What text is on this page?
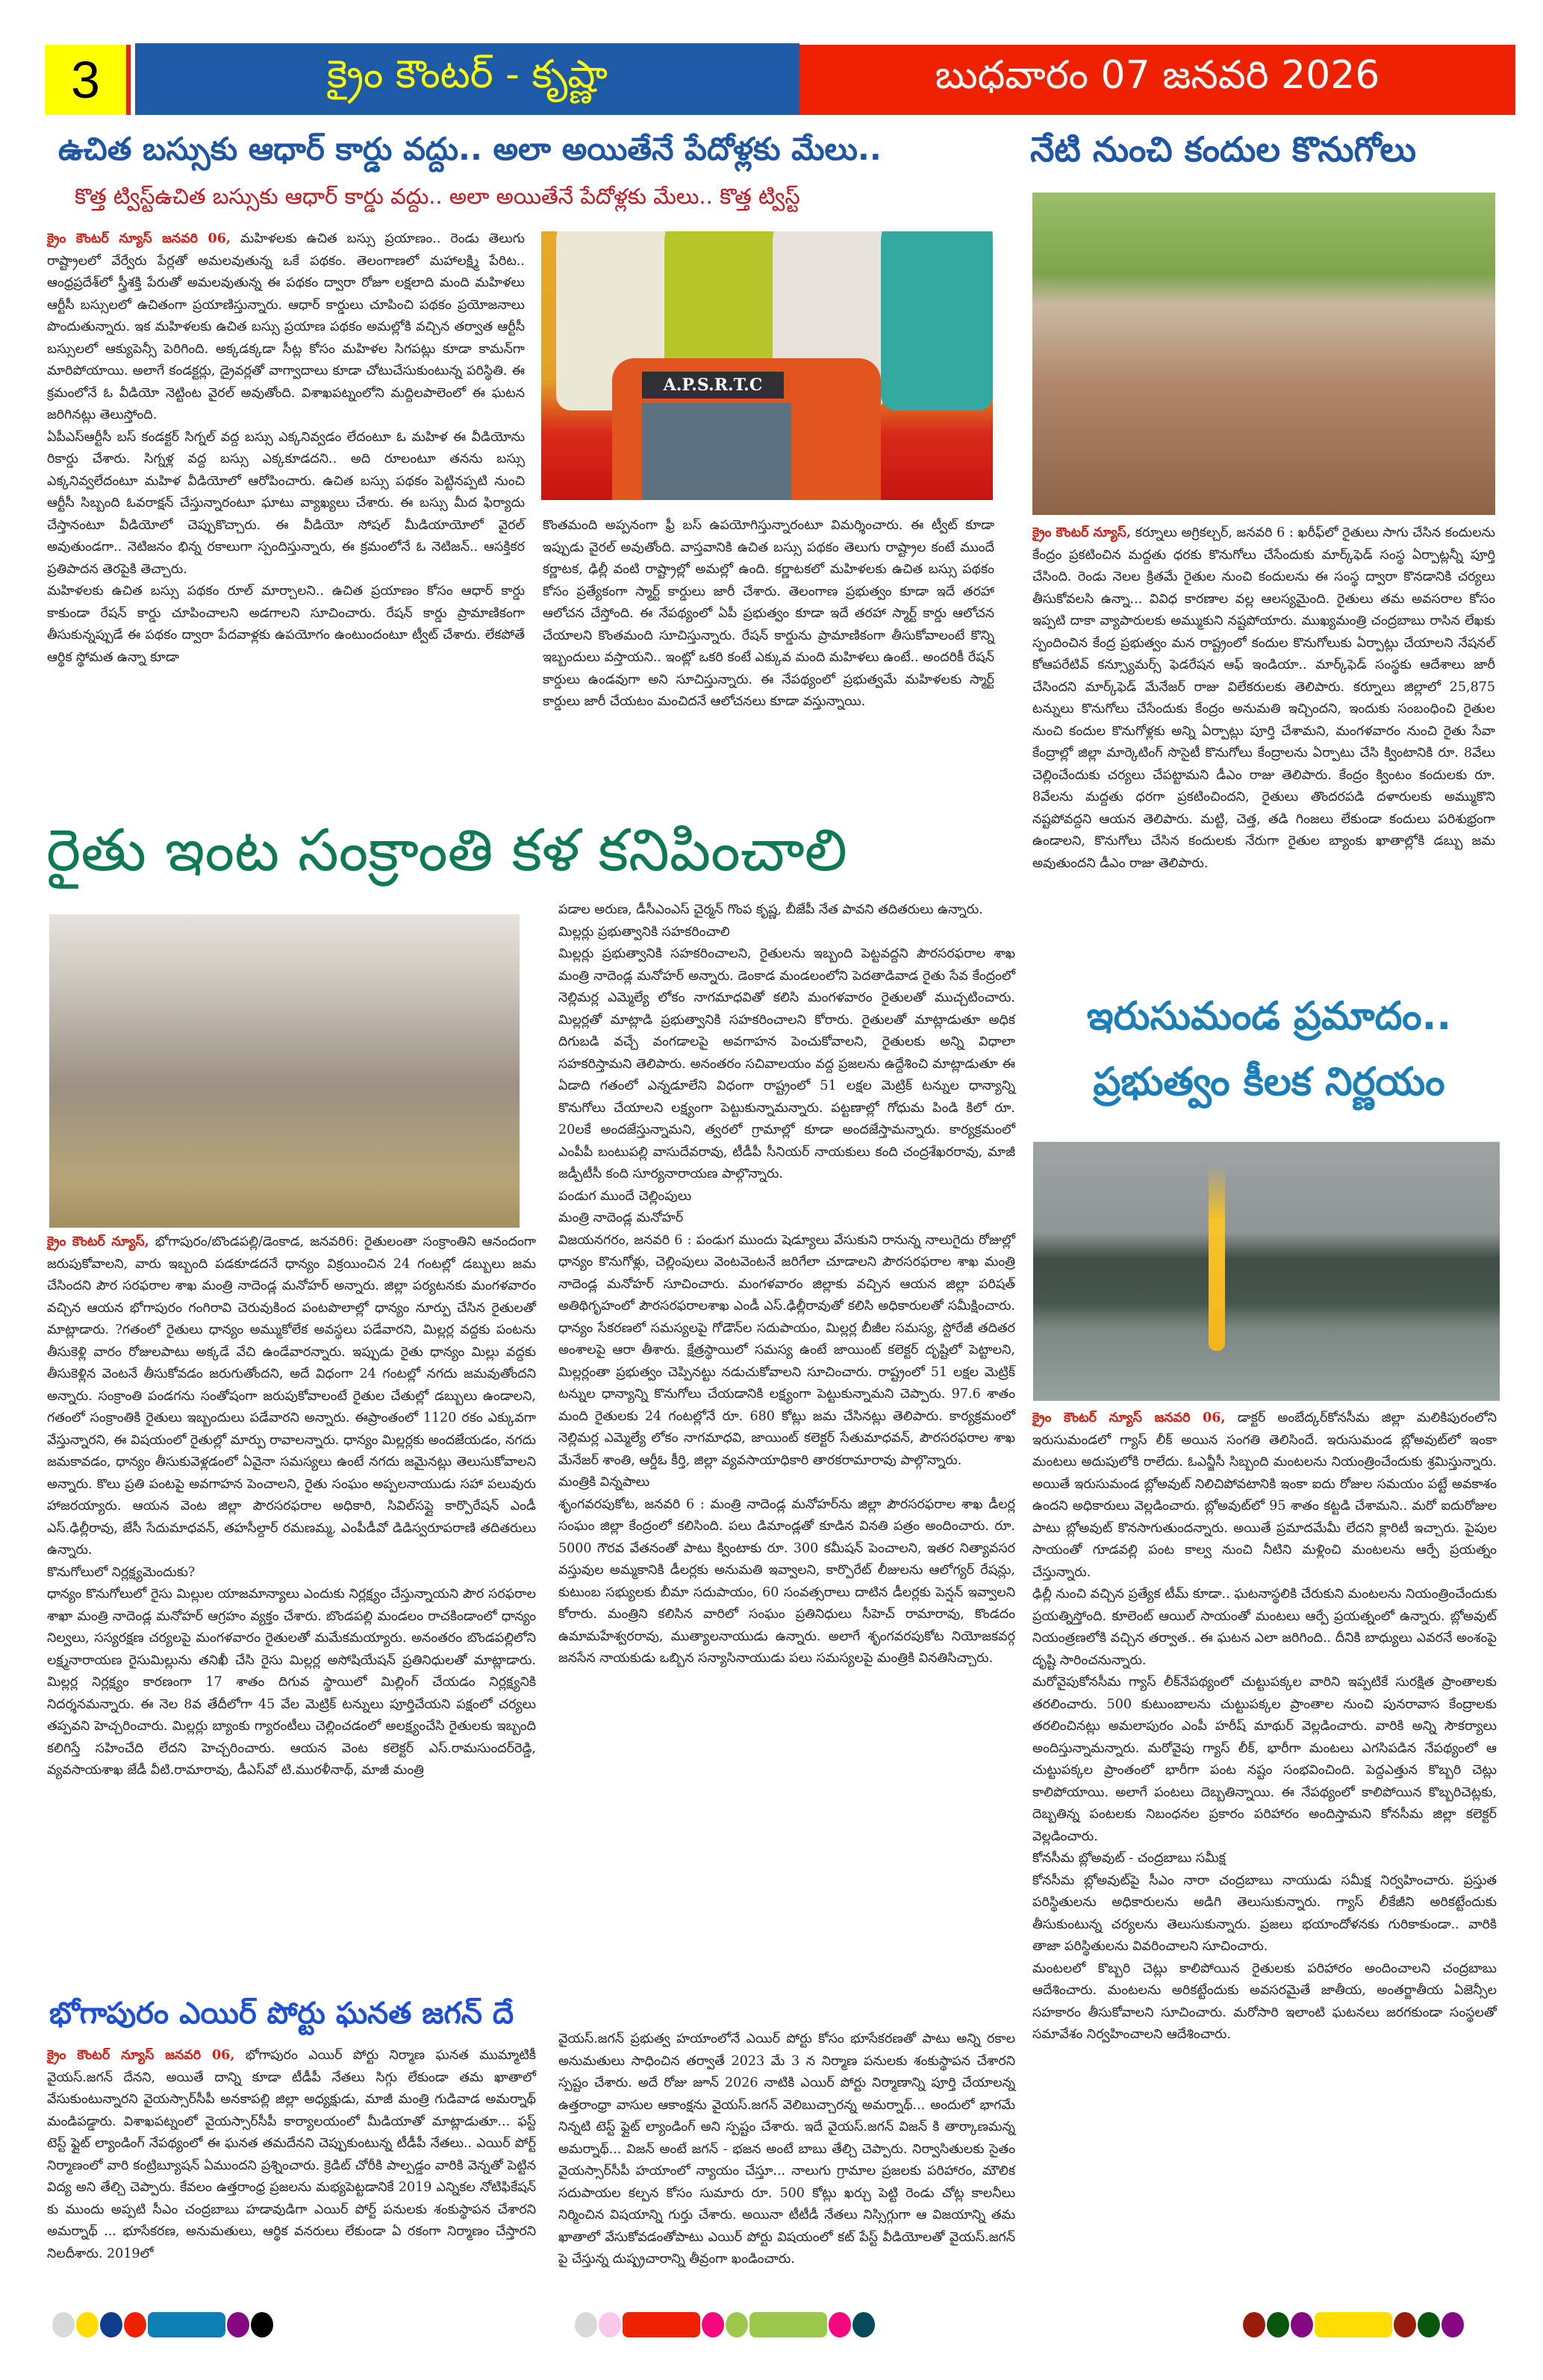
3	క్రైం కౌంటర్ - కృష్ణా	బుధవారం 07 జనవరి 2026
ఉచిత బస్సుకు ఆధార్ కార్డు వద్దు.. అలా అయితేనే పేదోళ్లకు మేలు..
కొత్త ట్విస్ట్ఉచిత బస్సుకు ఆధార్ కార్డు వద్దు.. అలా అయితేనే పేదోళ్లకు మేలు.. కొత్త ట్విస్ట్

క్రైం కౌంటర్ న్యూస్ జనవరి 06, మహిళలకు ఉచిత బస్సు ప్రయాణం.. రెండు తెలుగు రాష్ట్రాలలో వేర్వేరు పేర్లతో అమలవుతున్న ఒకే పథకం. తెలంగాణలో మహాలక్ష్మి పేరిట.. ఆంధ్రప్రదేశ్‌లో స్త్రీశక్తి పేరుతో అమలవుతున్న ఈ పథకం ద్వారా రోజూ లక్షలాది మంది మహిళలు ఆర్టీసీ బస్సులలో ఉచితంగా ప్రయాణిస్తున్నారు. ఆధార్ కార్డులు చూపించి పథకం ప్రయోజనాలు పొందుతున్నారు. ఇక మహిళలకు ఉచిత బస్సు ప్రయాణ పథకం అమల్లోకి వచ్చిన తర్వాత ఆర్టీసీ బస్సులలో ఆక్యుపెన్సీ పెరిగింది. అక్కడక్కడా సీట్ల కోసం మహిళల సిగపట్లు కూడా కామన్‌గా మారిపోయాయి. అలాగే కండక్టర్లు, డ్రైవర్లతో వాగ్వాదాలు కూడా చోటుచేసుకుంటున్న పరిస్థితి. ఈ క్రమంలోనే ఓ వీడియో నెట్టింట వైరల్ అవుతోంది. విశాఖపట్నంలోని మద్దిలపాలెంలో ఈ ఘటన జరిగినట్లు తెలుస్తోంది.

ఏపీఎస్ఆర్టీసీ బస్ కండక్టర్ సిగ్నల్ వద్ద బస్సు ఎక్కనివ్వడం లేదంటూ ఓ మహిళ ఈ వీడియోను రికార్డు చేశారు. సిగ్నళ్ల వద్ద బస్సు ఎక్కకూడదని.. అది రూలంటూ తనను బస్సు ఎక్కనివ్వలేదంటూ మహిళ వీడియోలో ఆరోపించారు. ఉచిత బస్సు పథకం పెట్టినప్పటి నుంచి ఆర్టీసీ సిబ్బంది ఓవరాక్షన్ చేస్తున్నారంటూ ఘాటు వ్యాఖ్యలు చేశారు. ఈ బస్సు మీద ఫిర్యాదు చేస్తానంటూ వీడియోలో చెప్పుకొచ్చారు. ఈ వీడియో సోషల్ మీడియాయోలో వైరల్ అవుతుండగా.. నెటిజనం భిన్న రకాలుగా స్పందిస్తున్నారు, ఈ క్రమంలోనే ఓ నెటిజన్.. ఆసక్తికర ప్రతిపాదన తెరపైకి తెచ్చారు.

మహిళలకు ఉచిత బస్సు పథకం రూల్ మార్చాలని.. ఉచిత ప్రయాణం కోసం ఆధార్ కార్డు కాకుండా రేషన్ కార్డు చూపించాలని అడగాలని సూచించారు. రేషన్ కార్డు ప్రామాణికంగా తీసుకున్నప్పుడే ఈ పథకం ద్వారా పేదవాళ్లకు ఉపయోగం ఉంటుందంటూ ట్వీట్ చేశారు. లేకపోతే ఆర్థిక స్థోమత ఉన్నా కూడా

A.P.S.R.T.C

కొంతమంది అప్పనంగా ఫ్రీ బస్ ఉపయోగిస్తున్నారంటూ విమర్శించారు. ఈ ట్వీట్ కూడా ఇప్పుడు వైరల్ అవుతోంది. వాస్తవానికి ఉచిత బస్సు పథకం తెలుగు రాష్ట్రాల కంటే ముందే కర్ణాటక, ఢిల్లీ వంటి రాష్ట్రాల్లో అమల్లో ఉంది. కర్ణాటకలో మహిళలకు ఉచిత బస్సు పథకం కోసం ప్రత్యేకంగా స్మార్ట్ కార్డులు జారీ చేశారు. తెలంగాణ ప్రభుత్వం కూడా ఇదే తరహా ఆలోచన చేస్తోంది. ఈ నేపథ్యంలో ఏపీ ప్రభుత్వం కూడా ఇదే తరహా స్మార్ట్ కార్డు ఆలోచన చేయాలని కొంతమంది సూచిస్తున్నారు. రేషన్ కార్డును ప్రామాణికంగా తీసుకోవాలంటే కొన్ని ఇబ్బందులు వస్తాయని.. ఇంట్లో ఒకరి కంటే ఎక్కువ మంది మహిళలు ఉంటే.. అందరికీ రేషన్ కార్డులు ఉండవుగా అని సూచిస్తున్నారు. ఈ నేపథ్యంలో ప్రభుత్వమే మహిళలకు స్మార్ట్ కార్డులు జారీ చేయటం మంచిదనే ఆలోచనలు కూడా వస్తున్నాయి.

నేటి నుంచి కందుల కొనుగోలు

క్రైం కౌంటర్ న్యూస్, కర్నూలు అగ్రికల్చర్, జనవరి 6 : ఖరీఫ్‌లో రైతులు సాగు చేసిన కందులను కేంద్రం ప్రకటించిన మద్దతు ధరకు కొనుగోలు చేసేందుకు మార్క్‌ఫెడ్ సంస్థ ఏర్పాట్లన్నీ పూర్తి చేసింది. రెండు నెలల క్రితమే రైతుల నుంచి కందులను ఈ సంస్థ ద్వారా కొనడానికి చర్యలు తీసుకోవలసి ఉన్నా... వివిధ కారణాల వల్ల ఆలస్యమైంది. రైతులు తమ అవసరాల కోసం ఇప్పటి దాకా వ్యాపారులకు అమ్ముకుని నష్టపోయారు. ముఖ్యమంత్రి చంద్రబాబు రాసిన లేఖకు స్పందించిన కేంద్ర ప్రభుత్వం మన రాష్ట్రంలో కందుల కొనుగోలుకు ఏర్పాట్లు చేయాలని నేషనల్ కోఆపరేటివ్ కన్స్యూమర్స్ ఫెడరేషన ఆఫ్ ఇండియా.. మార్క్‌ఫెడ్ సంస్థకు ఆదేశాలు జారీ చేసిందని మార్క్‌ఫెడ్ మేనేజర్ రాజు విలేకరులకు తెలిపారు. కర్నూలు జిల్లాలో 25,875 టన్నులు కొనుగోలు చేసేందుకు కేంద్రం అనుమతి ఇచ్చిందని, ఇందుకు సంబంధించి రైతుల నుంచి కందుల కొనుగోళ్లకు అన్ని ఏర్పాట్లు పూర్తి చేశామని, మంగళవారం నుంచి రైతు సేవా కేంద్రాల్లో జిల్లా మార్కెటింగ్ సొసైటీ కొనుగోలు కేంద్రాలను ఏర్పాటు చేసి క్వింటానికి రూ. 8వేలు చెల్లించేందుకు చర్యలు చేపట్టామని డీఎం రాజు తెలిపారు. కేంద్రం క్వింటం కందులకు రూ. 8వేలను మద్దతు ధరగా ప్రకటించిందని, రైతులు తొందరపడి దళారులకు అమ్ముకొని నష్టపోవద్దని ఆయన తెలిపారు. మట్టి, చెత్త, తడి గింజలు లేకుండా కందులు పరిశుభ్రంగా ఉండాలని, కొనుగోలు చేసిన కందులకు నేరుగా రైతుల బ్యాంకు ఖాతాల్లోకి డబ్బు జమ అవుతుందని డీఎం రాజు తెలిపారు.

రైతు ఇంట సంక్రాంతి కళ కనిపించాలి

క్రైం కౌంటర్ న్యూస్, భోగాపురం/బొండపల్లి/డెంకాడ, జనవరి6: రైతులంతా సంక్రాంతిని ఆనందంగా జరుపుకోవాలని, వారు ఇబ్బంది పడకూడదనే ధాన్యం విక్రయించిన 24 గంటల్లో డబ్బులు జమ చేసిందని పౌర సరఫరాల శాఖ మంత్రి నాదెండ్ల మనోహర్ అన్నారు. జిల్లా పర్యటనకు మంగళవారం వచ్చిన ఆయన భోగాపురం గంగిరావి చెరువుకింద పంటపొలాల్లో ధాన్యం నూర్పు చేసిన రైతులతో మాట్లాడారు. ?గతంలో రైతులు ధాన్యం అమ్ముకోలేక అవస్థలు పడేవారని, మిల్లర్ల వద్దకు పంటను తీసుకెళ్లి వారం రోజులపాటు అక్కడే వేచి ఉండేవారన్నారు. ఇప్పుడు రైతు ధాన్యం మిల్లు వద్దకు తీసుకెళ్లిన వెంటనే తీసుకోవడం జరుగుతోందని, అదే విధంగా 24 గంటల్లో నగదు జమవుతోందని అన్నారు. సంక్రాంతి పండగను సంతోషంగా జరుపుకోవాలంటే రైతుల చేతుల్లో డబ్బులు ఉండాలని, గతంలో సంక్రాంతికి రైతులు ఇబ్బందులు పడేవారని అన్నారు. ఈప్రాంతంలో 1120 రకం ఎక్కువగా వేస్తున్నారని, ఈ విషయంలో రైతుల్లో మార్పు రావాలన్నారు. ధాన్యం మిల్లర్లకు అందజేయడం, నగదు జమకావడం, ధాన్యం తీసుకువెళ్లడంలో ఏవైనా సమస్యలు ఉంటే నగదు జమైనట్లు తెలుసుకోవాలని అన్నారు. కొలు ప్రతి పంటపై అవగాహన పెంచాలని, రైతు సంఘం అప్పలనాయుడు సహా పలువురు హాజరయ్యారు. ఆయన వెంట జిల్లా పౌరసరఫరాల అధికారి, సివిల్‌సప్లై కార్పొరేషన్ ఎండీ ఎస్.ఢిల్లీరావు, జేసీ సేదుమాధవన్, తహసీల్దార్ రమణమ్మ, ఎంపీడీవో డిడిస్వరూపరాణి తదితరులు ఉన్నారు.

కొనుగోలులో నిర్లక్ష్యమెందుకు?

ధాన్యం కొనుగోలులో రైసు మిల్లుల యాజమాన్యాలు ఎందుకు నిర్లక్ష్యం చేస్తున్నాయని పౌర సరఫరాల శాఖా మంత్రి నాదెండ్ల మనోహర్ ఆగ్రహం వ్యక్తం చేశారు. బొండపల్లి మండలం రాచకిండాంలో ధాన్యం నిల్వలు, సస్యరక్షణ చర్యలపై మంగళవారం రైతులతో మమేకమయ్యారు. అనంతరం బొండపల్లిలోని లక్ష్మనారాయణ రైసుమిల్లును తనిఖీ చేసి రైసు మిల్లర్ల అసోషియేషన్ ప్రతినిధులతో మాట్లాడారు. మిల్లర్ల నిర్లక్ష్యం కారణంగా 17 శాతం దిగువ స్థాయిలో మిల్లింగ్ చేయడం నిర్లక్ష్యనికి నిదర్శనమన్నారు. ఈ నెల 8వ తేదీలోగా 45 వేల మెట్రిక్ టన్నులు పూర్తిచేయని పక్షంలో చర్యలు తప్పవని హెచ్చరించారు. మిల్లర్లు బ్యాంకు గ్యారంటీలు చెల్లించడంలో అలక్ష్యంచేసి రైతులకు ఇబ్బంది కలిగిస్తే సహించేది లేదని హెచ్చరించారు. ఆయన వెంట కలెక్టర్ ఎస్.రామసుందర్‌రెడ్డి, వ్యవసాయశాఖ జేడీ వీటి.రామారావు, డీఎస్‌వో టి.మురళీనాథ్, మాజీ మంత్రి

పడాల అరుణ, డీసీఎంఎస్ చైర్మన్ గొంప కృష్ణ, బీజేపీ నేత పావని తదితరులు ఉన్నారు.

మిల్లర్లు ప్రభుత్వానికి సహకరించాలి

మిల్లర్లు ప్రభుత్వానికి సహకరించాలని, రైతులను ఇబ్బంది పెట్టవద్దని పౌరసరఫరాల శాఖ మంత్రి నాదెండ్ల మనోహర్ అన్నారు. డెంకాడ మండలంలోని పెదతాడివాడ రైతు సేవ కేంద్రంలో నెల్లిమర్ల ఎమ్మెల్యే లోకం నాగమాధవితో కలిసి మంగళవారం రైతులతో ముచ్చటించారు. మిల్లర్లతో మాట్లాడి ప్రభుత్వానికి సహకరించాలని కోరారు. రైతులతో మాట్లాడుతూ అధిక దిగుబడి వచ్చే వంగడాలపై అవగాహన పెంచుకోవాలని, రైతులకు అన్ని విధాలా సహకరిస్తామని తెలిపారు. అనంతరం సచివాలయం వద్ద ప్రజలను ఉద్దేశించి మాట్లాడుతూ ఈ ఏడాది గతంలో ఎన్నడూలేని విధంగా రాష్ట్రంలో 51 లక్షల మెట్రిక్ టన్నుల ధాన్యాన్ని కొనుగోలు చేయాలని లక్ష్యంగా పెట్టుకున్నామన్నారు. పట్టణాల్లో గోధుమ పిండి కిలో రూ. 20లకే అందజేస్తున్నామని, త్వరలో గ్రామాల్లో కూడా అందజేస్తామన్నారు. కార్యక్రమంలో ఎంపీపీ బంటుపల్లి వాసుదేవరావు, టీడీపీ సీనియర్ నాయకులు కంది చంద్రశేఖరరావు, మాజీ జడ్పీటీసీ కంది సూర్యనారాయణ పాల్గొన్నారు.

పండుగ ముందే చెల్లింపులు

మంత్రి నాదెండ్ల మనోహర్

విజయనగరం, జనవరి 6 : పండుగ ముందు షెడ్యూలు వేసుకుని రానున్న నాలుగైదు రోజుల్లో ధాన్యం కొనుగోళ్లు, చెల్లింపులు వెంటవెంటనే జరిగేలా చూడాలని పౌరసరఫరాల శాఖ మంత్రి నాదెండ్ల మనోహర్ సూచించారు. మంగళవారం జిల్లాకు వచ్చిన ఆయన జిల్లా పరిషత్ అతిథిగృహంలో పౌరసరఫరాలశాఖ ఎండీ ఎస్.ఢిల్లీరావుతో కలిసి అధికారులతో సమీక్షించారు. ధాన్యం సేకరణలో సమస్యలపై గోడౌన్‌ల సదుపాయం, మిల్లర్ల బీజీల సమస్య, స్టోరేజీ తదితర అంశాలపై ఆరా తీశారు. క్షేత్రస్థాయిలో సమస్య ఉంటే జాయింట్ కలెక్టర్ దృష్టిలో పెట్టాలని, మిల్లర్లంతా ప్రభుత్వం చెప్పినట్టు నడుచుకోవాలని సూచించారు. రాష్ట్రంలో 51 లక్షల మెట్రిక్ టన్నుల ధాన్యాన్ని కొనుగోలు చేయడానికి లక్ష్యంగా పెట్టుకున్నామని చెప్పారు. 97.6 శాతం మంది రైతులకు 24 గంటల్లోనే రూ. 680 కోట్లు జమ చేసినట్లు తెలిపారు. కార్యక్రమంలో నెల్లిమర్ల ఎమ్మెల్యే లోకం నాగమాధవి, జాయింట్ కలెక్టర్ సేతుమాధవన్, పౌరసరఫరాల శాఖ మేనేజర్ శాంతి, ఆర్డీఓ కీర్తి, జిల్లా వ్యవసాయాధికారి తారకరామారావు పాల్గొన్నారు.

మంత్రికి విన్నపాలు

శృంగవరపుకోట, జనవరి 6 : మంత్రి నాదెండ్ల మనోహర్‌ను జిల్లా పౌరసరఫరాల శాఖ డీలర్ల సంఘం జిల్లా కేంద్రంలో కలిసింది. పలు డిమాండ్లతో కూడిన వినతి పత్రం అందించారు. రూ. 5000 గౌరవ వేతనంతో పాటు క్వింటాకు రూ. 300 కమీషన్ పెంచాలని, ఇతర నిత్యావసర వస్తువుల అమ్మకానికి డీలర్లకు అనుమతి ఇవ్వాలని, కార్పొరేట్ లీజులను ఆలోగ్యర్ రేషన్లు, కుటుంబ సభ్యులకు బీమా సదుపాయం, 60 సంవత్సరాలు దాటిన డీలర్లకు పెన్షన్ ఇవ్వాలని కోరారు. మంత్రిని కలిసిన వారిలో సంఘం ప్రతినిధులు సీహెచ్ రామారావు, కొండదం ఉమామహేశ్వరరావు, ముత్యాలనాయుడు ఉన్నారు. అలాగే శృంగవరపుకోట నియోజకవర్గ జనసేన నాయకుడు ఒబ్బిన సన్యాసినాయుడు పలు సమస్యలపై మంత్రికి వినతిసిచ్చారు.

ఇరుసుమండ ప్రమాదం..
ప్రభుత్వం కీలక నిర్ణయం

క్రైం కౌంటర్ న్యూస్ జనవరి 06, డాక్టర్ అంబేద్కర్‌కోనసీమ జిల్లా మలికిపురంలోని ఇరుసుమండలో గ్యాస్ లీక్ అయిన సంగతి తెలిసిందే. ఇరుసుమండ బ్లోఅవుట్‌లో ఇంకా మంటలు అదుపులోకి రాలేదు. ఓఎన్జీసీ సిబ్బంది మంటలను నియంత్రించేందుకు శ్రమిస్తున్నారు. అయితే ఇరుసుమండ బ్లోఅవుట్ నిలిచిపోవటానికి ఇంకా ఐదు రోజుల సమయం పట్టే అవకాశం ఉందని అధికారులు వెల్లడించారు. బ్లోఅవుట్‌లో 95 శాతం కట్టడి చేశామని.. మరో ఐదురోజుల పాటు బ్లోఅవుట్ కొనసాగుతుందన్నారు. అయితే ప్రమాదమేమీ లేదని క్లారిటీ ఇచ్చారు. పైపుల సాయంతో గూడవల్లి పంట కాల్వ నుంచి నీటిని మళ్లించి మంటలను ఆర్పే ప్రయత్నం చేస్తున్నారు.

ఢిల్లీ నుంచి వచ్చిన ప్రత్యేక టీమ్ కూడా.. ఘటనాస్థలికి చేరుకుని మంటలను నియంత్రించేందుకు ప్రయత్నిస్తోంది. కూలెంట్ ఆయిల్ సాయంతో మంటలు ఆర్పే ప్రయత్నంలో ఉన్నారు. బ్లోఅవుట్ నియంత్రణలోకి వచ్చిన తర్వాత.. ఈ ఘటన ఎలా జరిగింది.. దీనికి బాధ్యులు ఎవరనే అంశంపై దృష్టి సారించనున్నారు.

మరోవైపుకోనసీమ గ్యాస్ లీక్‌నేపథ్యంలో చుట్టుపక్కల వారిని ఇప్పటికే సురక్షిత ప్రాంతాలకు తరలించారు. 500 కుటుంబాలను చుట్టుపక్కల ప్రాంతాల నుంచి పునరావాస కేంద్రాలకు తరలించినట్లు అమలాపురం ఎంపీ హరీష్ మాథుర్ వెల్లడించారు. వారికి అన్ని సౌకర్యాలు అందిస్తున్నామన్నారు. మరోవైపు గ్యాస్ లీక్, భారీగా మంటలు ఎగసిపడిన నేపథ్యంలో ఆ చుట్టుపక్కల ప్రాంతంలో భారీగా పంట నష్టం సంభవించింది. పెద్దఎత్తున కొబ్బరి చెట్లు కాలిపోయాయి. అలాగే పంటలు దెబ్బతిన్నాయి. ఈ నేపథ్యంలో కాలిపోయిన కొబ్బరిచెట్లకు, దెబ్బతిన్న పంటలకు నిబంధనల ప్రకారం పరిహారం అందిస్తామని కోనసీమ జిల్లా కలెక్టర్ వెల్లడించారు.

కోనసీమ బ్లోఅవుట్ - చంద్రబాబు సమీక్ష

కోనసీమ బ్లోఅవుట్‌పై సీఎం నారా చంద్రబాబు నాయుడు సమీక్ష నిర్వహించారు. ప్రస్తుత పరిస్థితులను అధికారులను అడిగి తెలుసుకున్నారు. గ్యాస్ లీకేజీని అరికట్టేందుకు తీసుకుంటున్న చర్యలను తెలుసుకున్నారు. ప్రజలు భయాందోళనకు గురికాకుండా.. వారికి తాజా పరిస్థితులను వివరించాలని సూచించారు.

మంటలలో కొబ్బరి చెట్లు కాలిపోయిన రైతులకు పరిహారం అందించాలని చంద్రబాబు ఆదేశించారు. మంటలను అరికట్టేందుకు అవసరమైతే జాతీయ, అంతర్జాతీయ ఏజెన్సీల సహకారం తీసుకోవాలని సూచించారు. మరోసారి ఇలాంటి ఘటనలు జరగకుండా సంస్థలతో సమావేశం నిర్వహించాలని ఆదేశించారు.

భోగాపురం ఎయిర్ పోర్టు ఘనత జగన్ దే

క్రైం కౌంటర్ న్యూస్ జనవరి 06, భోగాపురం ఎయిర్ పోర్టు నిర్మాణ ఘనత ముమ్మాటికీ వైయస్.జగన్ దేనని, అయితే దాన్ని కూడా టీడీపీ నేతలు సిగ్గు లేకుండా తమ ఖాతాలో వేసుకుంటున్నారని వైయస్సార్‌సీపీ అనకాపల్లి జిల్లా అధ్యక్షుడు, మాజీ మంత్రి గుడివాడ అమర్నాథ్ మండిపడ్డారు. విశాఖపట్నంలో వైయస్సార్‌సీపీ కార్యాలయంలో మీడియాతో మాట్లాడుతూ... ఫస్ట్ టెస్ట్ ఫ్లైట్ ల్యాండింగ్ నేపథ్యంలో ఈ ఘనత తమదేనని చెప్పుకుంటున్న టీడీపీ నేతలు.. ఎయిర్ పోర్ట్ నిర్మాణంలో వారి కంట్రిబ్యూషన్ ఏముందని ప్రశ్నించారు. క్రెడిట్ చోరీకి పాల్పడ్డం వారికి వెన్నతో పెట్టిన విద్య అని తేల్చి చెప్పారు. కేవలం ఉత్తరాంధ్ర ప్రజలను మభ్యపెట్టడానికే 2019 ఎన్నికల నోటిఫికేషన్ కు ముందు అప్పటి సీఎం చంద్రబాబు హడావుడిగా ఎయిర్ పోర్ట్ పనులకు శంకుస్థాపన చేశారని అమర్నాథ్ ... భూసేకరణ, అనుమతులు, ఆర్థిక వనరులు లేకుండా ఏ రకంగా నిర్మాణం చేస్తారని నిలదీశారు. 2019లో

వైయస్.జగన్ ప్రభుత్వ హయాంలోనే ఎయిర్ పోర్టు కోసం భూసేకరణతో పాటు అన్ని రకాల అనుమతులు సాధించిన తర్వాతే 2023 మే 3 న నిర్మాణ పనులకు శంకుస్థాపన చేశారని స్పష్టం చేశారు. అదే రోజు జూన్ 2026 నాటికి ఎయిర్ పోర్టు నిర్మాణాన్ని పూర్తి చేయాలన్న ఉత్తరాంధ్రా వాసుల ఆకాంక్షను వైయస్.జగన్ వెలిబుచ్చారన్న అమర్నాథ్... అందులో భాగమే నిన్నటి టెస్ట్ ఫ్లైట్ ల్యాండింగ్ అని స్పష్టం చేశారు. ఇదే వైయస్.జగన్ విజన్ కి తార్కాణమన్న అమర్నాథ్... విజన్ అంటే జగన్ - భజన అంటే బాబు తేల్చి చెప్పారు. నిర్వాసితులకు సైతం వైయస్సార్‌సీపీ హయాంలో న్యాయం చేస్తూ... నాలుగు గ్రామాల ప్రజలకు పరిహారం, మౌలిక సదుపాయల కల్పన కోసం సుమారు రూ. 500 కోట్లు ఖర్చు పెట్టి రెండు చోట్ల కాలనీలు నిర్మించిన విషయాన్ని గుర్తు చేశారు. అయినా టీటీడీ నేతలు నిస్సిగ్గుగా ఆ విజయాన్ని తమ ఖాతాలో వేసుకోవడంతోపాటు ఎయిర్ పోర్టు విషయంలో కట్ పేస్ట్ వీడియోలతో వైయస్.జగన్ పై చేస్తున్న దుష్ప్రచారాన్ని తీవ్రంగా ఖండించారు.
